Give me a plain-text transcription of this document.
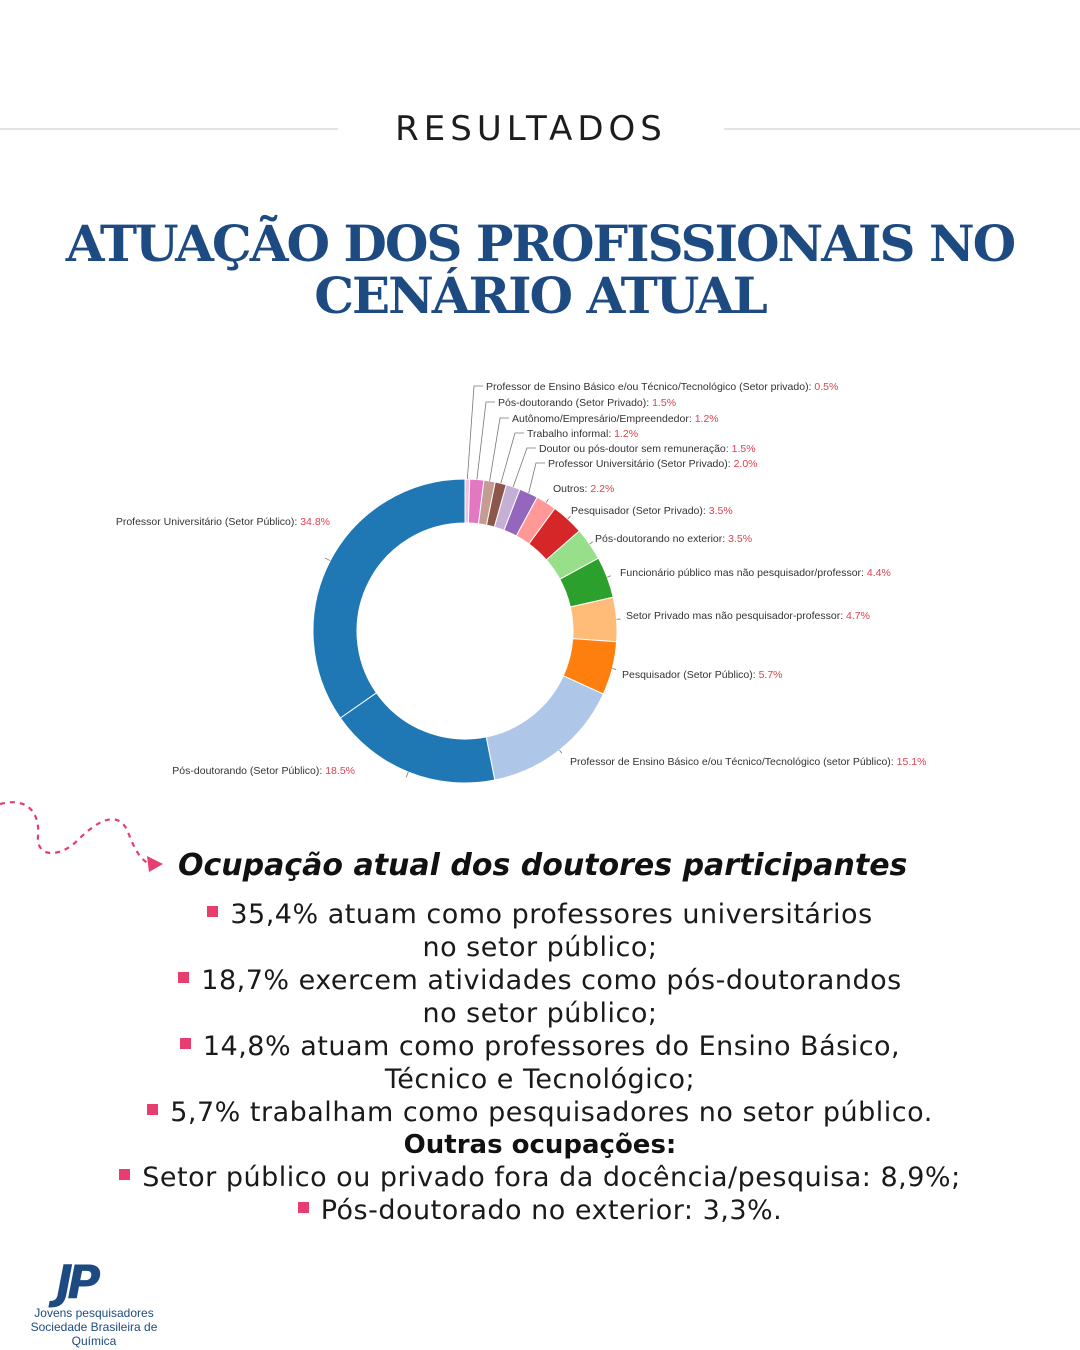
RESULTADOS
ATUAÇÃO DOS PROFISSIONAIS NO
CENÁRIO ATUAL
Professor de Ensino Básico e/ou Técnico/Tecnológico (Setor privado): 0.5%
Pós-doutorando (Setor Privado): 1.5%
Autônomo/Empresário/Empreendedor: 1.2%
Trabalho informal: 1.2%
Doutor ou pós-doutor sem remuneração: 1.5%
Professor Universitário (Setor Privado): 2.0%
Outros: 2.2%
Pesquisador (Setor Privado): 3.5%
Pós-doutorando no exterior: 3.5%
Funcionário público mas não pesquisador/professor: 4.4%
Setor Privado mas não pesquisador-professor: 4.7%
Pesquisador (Setor Público): 5.7%
Professor de Ensino Básico e/ou Técnico/Tecnológico (setor Público): 15.1%
Pós-doutorando (Setor Público): 18.5%
Professor Universitário (Setor Público): 34.8%
Ocupação atual dos doutores participantes
35,4% atuam como professores universitários
no setor público;
18,7% exercem atividades como pós-doutorandos
no setor público;
14,8% atuam como professores do Ensino Básico,
Técnico e Tecnológico;
5,7% trabalham como pesquisadores no setor público.
Outras ocupações:
Setor público ou privado fora da docência/pesquisa: 8,9%;
Pós-doutorado no exterior: 3,3%.
JP
Jovens pesquisadores
Sociedade Brasileira de Química
